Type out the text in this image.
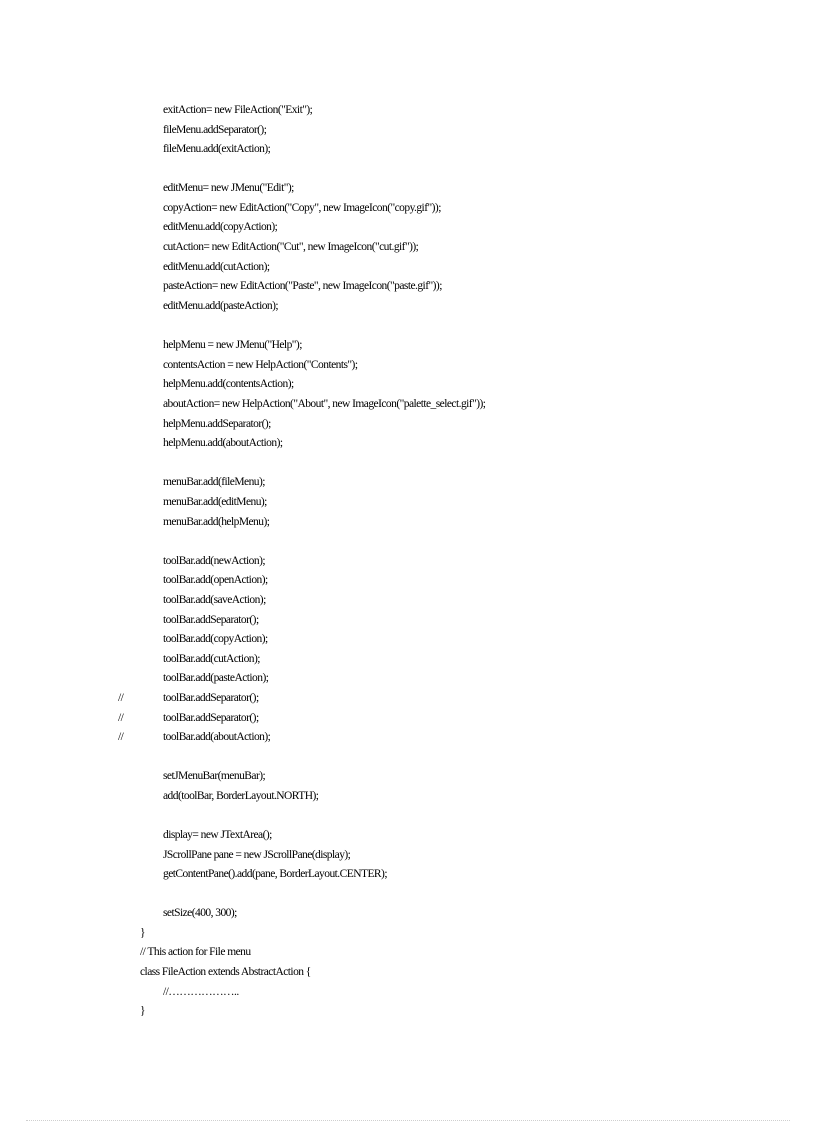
exitAction= new FileAction("Exit");
fileMenu.addSeparator();
fileMenu.add(exitAction);
editMenu= new JMenu("Edit");
copyAction= new EditAction("Copy", new ImageIcon("copy.gif"));
editMenu.add(copyAction);
cutAction= new EditAction("Cut", new ImageIcon("cut.gif"));
editMenu.add(cutAction);
pasteAction= new EditAction("Paste", new ImageIcon("paste.gif"));
editMenu.add(pasteAction);
helpMenu = new JMenu("Help");
contentsAction = new HelpAction("Contents");
helpMenu.add(contentsAction);
aboutAction= new HelpAction("About", new ImageIcon("palette_select.gif"));
helpMenu.addSeparator();
helpMenu.add(aboutAction);
menuBar.add(fileMenu);
menuBar.add(editMenu);
menuBar.add(helpMenu);
toolBar.add(newAction);
toolBar.add(openAction);
toolBar.add(saveAction);
toolBar.addSeparator();
toolBar.add(copyAction);
toolBar.add(cutAction);
toolBar.add(pasteAction);
//	toolBar.addSeparator();
//	toolBar.addSeparator();
//	toolBar.add(aboutAction);
setJMenuBar(menuBar);
add(toolBar, BorderLayout.NORTH);
display= new JTextArea();
JScrollPane pane = new JScrollPane(display);
getContentPane().add(pane, BorderLayout.CENTER);
setSize(400, 300);
}
// This action for File menu
class FileAction extends AbstractAction {
//………………..
}
